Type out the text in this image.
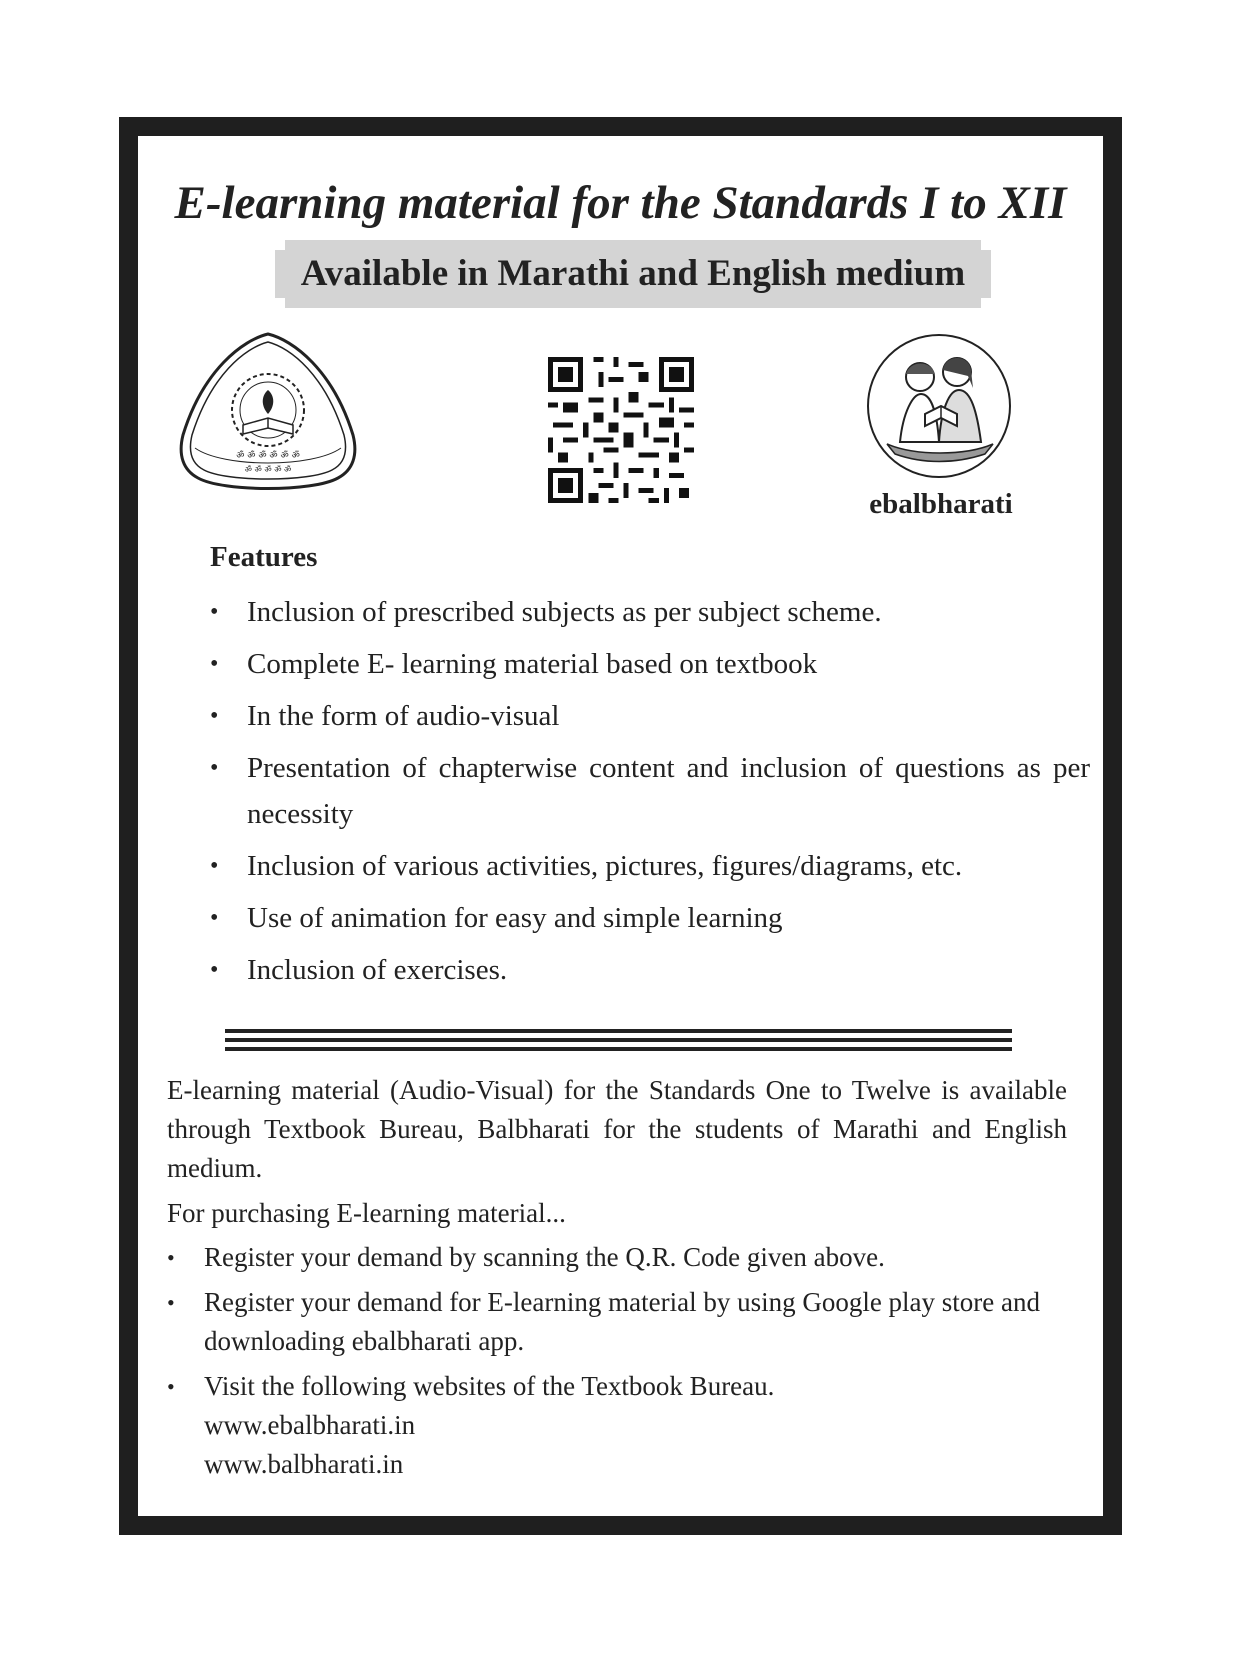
E-learning material for the Standards I to XII
Available in Marathi and English medium
ॐ ॐ ॐ ॐ ॐ ॐ
ॐ ॐ ॐ ॐ ॐ
ebalbharati
Features
• Inclusion of prescribed subjects as per subject scheme.
• Complete E- learning material based on textbook
• In the form of audio-visual
• Presentation of chapterwise content and inclusion of questions as per necessity
• Inclusion of various activities, pictures, figures/diagrams, etc.
• Use of animation for easy and simple learning
• Inclusion of exercises.

E-learning material (Audio-Visual) for the Standards One to Twelve is available through Textbook Bureau, Balbharati for the students of Marathi and English medium.

For purchasing E-learning material...

• Register your demand by scanning the Q.R. Code given above.
• Register your demand for E-learning material by using Google play store and downloading ebalbharati app.
• Visit the following websites of the Textbook Bureau.
www.ebalbharati.in
www.balbharati.in
